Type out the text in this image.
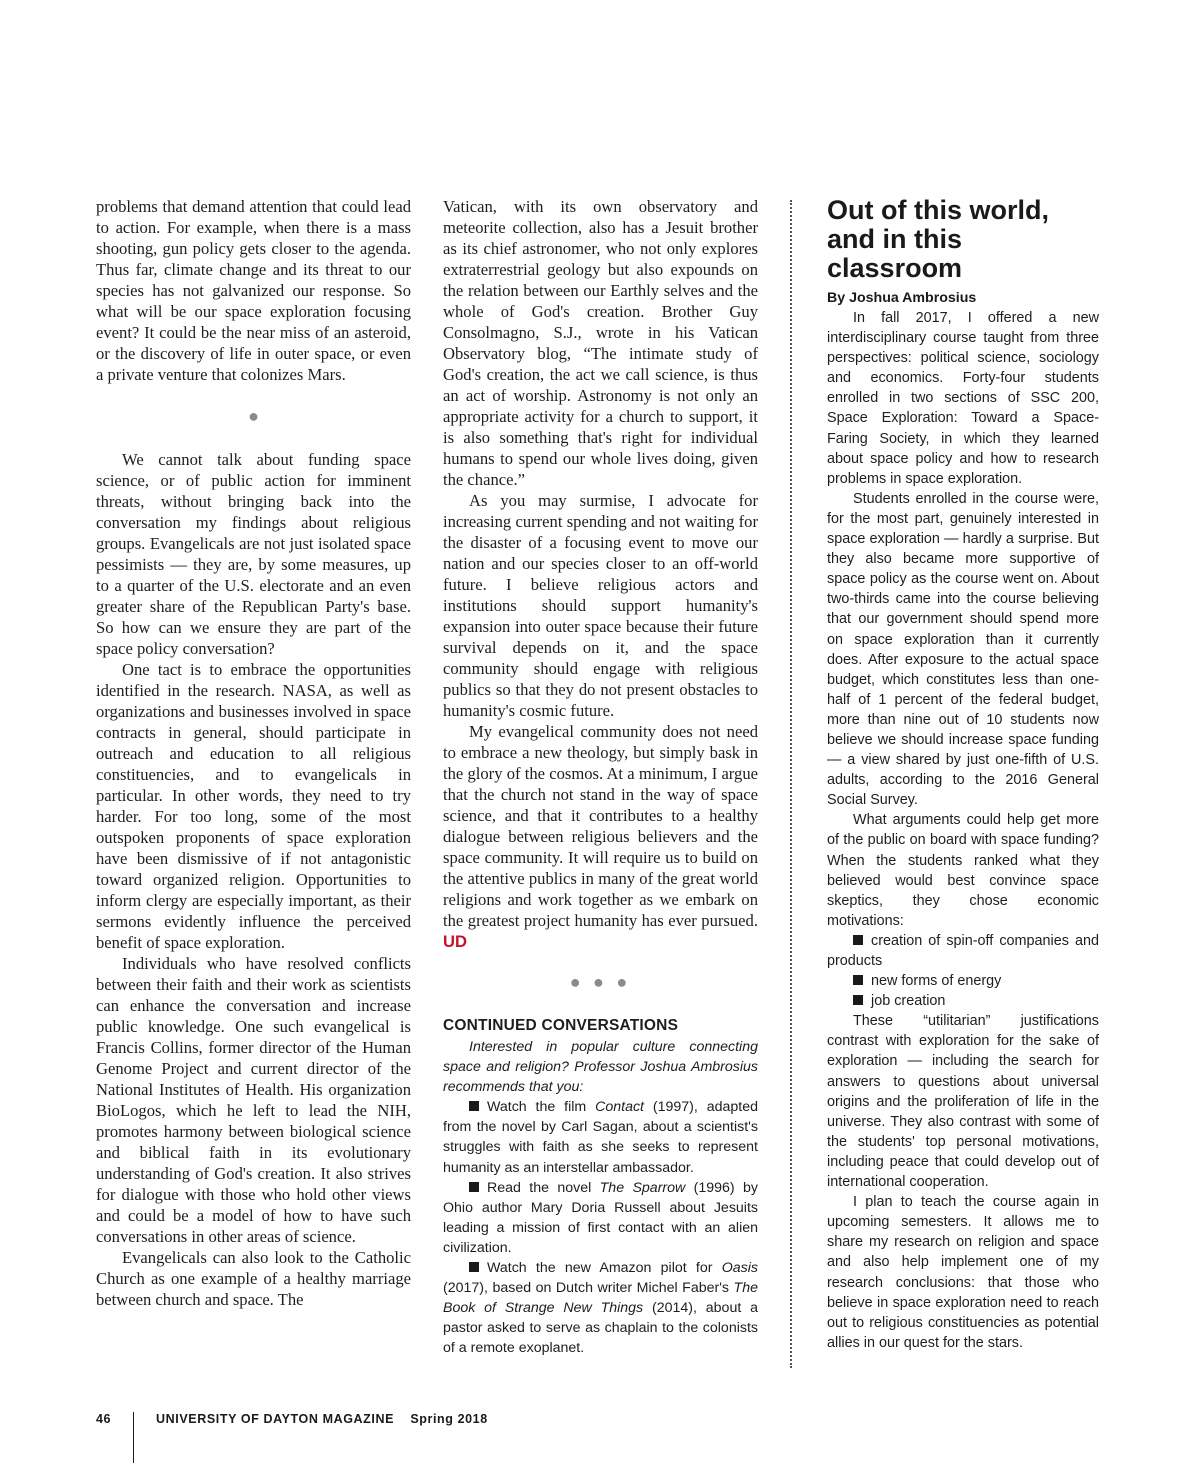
problems that demand attention that could lead to action. For example, when there is a mass shooting, gun policy gets closer to the agenda. Thus far, climate change and its threat to our species has not galvanized our response. So what will be our space exploration focusing event? It could be the near miss of an asteroid, or the discovery of life in outer space, or even a private venture that colonizes Mars.

●

We cannot talk about funding space science, or of public action for imminent threats, without bringing back into the conversation my findings about religious groups. Evangelicals are not just isolated space pessimists — they are, by some measures, up to a quarter of the U.S. electorate and an even greater share of the Republican Party's base. So how can we ensure they are part of the space policy conversation?

One tact is to embrace the opportunities identified in the research. NASA, as well as organizations and businesses involved in space contracts in general, should participate in outreach and education to all religious constituencies, and to evangelicals in particular. In other words, they need to try harder. For too long, some of the most outspoken proponents of space exploration have been dismissive of if not antagonistic toward organized religion. Opportunities to inform clergy are especially important, as their sermons evidently influence the perceived benefit of space exploration.

Individuals who have resolved conflicts between their faith and their work as scientists can enhance the conversation and increase public knowledge. One such evangelical is Francis Collins, former director of the Human Genome Project and current director of the National Institutes of Health. His organization BioLogos, which he left to lead the NIH, promotes harmony between biological science and biblical faith in its evolutionary understanding of God's creation. It also strives for dialogue with those who hold other views and could be a model of how to have such conversations in other areas of science.

Evangelicals can also look to the Catholic Church as one example of a healthy marriage between church and space. The

Vatican, with its own observatory and meteorite collection, also has a Jesuit brother as its chief astronomer, who not only explores extraterrestrial geology but also expounds on the relation between our Earthly selves and the whole of God's creation. Brother Guy Consolmagno, S.J., wrote in his Vatican Observatory blog, “The intimate study of God's creation, the act we call science, is thus an act of worship. Astronomy is not only an appropriate activity for a church to support, it is also something that's right for individual humans to spend our whole lives doing, given the chance.”

As you may surmise, I advocate for increasing current spending and not waiting for the disaster of a focusing event to move our nation and our species closer to an off-world future. I believe religious actors and institutions should support humanity's expansion into outer space because their future survival depends on it, and the space community should engage with religious publics so that they do not present obstacles to humanity's cosmic future.

My evangelical community does not need to embrace a new theology, but simply bask in the glory of the cosmos. At a minimum, I argue that the church not stand in the way of space science, and that it contributes to a healthy dialogue between religious believers and the space community. It will require us to build on the attentive publics in many of the great world religions and work together as we embark on the greatest project humanity has ever pursued. UD

● ● ●
CONTINUED CONVERSATIONS

Interested in popular culture connecting space and religion? Professor Joshua Ambrosius recommends that you:

Watch the film Contact (1997), adapted from the novel by Carl Sagan, about a scientist's struggles with faith as she seeks to represent humanity as an interstellar ambassador.

Read the novel The Sparrow (1996) by Ohio author Mary Doria Russell about Jesuits leading a mission of first contact with an alien civilization.

Watch the new Amazon pilot for Oasis (2017), based on Dutch writer Michel Faber's The Book of Strange New Things (2014), about a pastor asked to serve as chaplain to the colonists of a remote exoplanet.

Out of this world, and in this classroom
By Joshua Ambrosius

In fall 2017, I offered a new interdisciplinary course taught from three perspectives: political science, sociology and economics. Forty-four students enrolled in two sections of SSC 200, Space Exploration: Toward a Space-Faring Society, in which they learned about space policy and how to research problems in space exploration.

Students enrolled in the course were, for the most part, genuinely interested in space exploration — hardly a surprise. But they also became more supportive of space policy as the course went on. About two-thirds came into the course believing that our government should spend more on space exploration than it currently does. After exposure to the actual space budget, which constitutes less than one-half of 1 percent of the federal budget, more than nine out of 10 students now believe we should increase space funding — a view shared by just one-fifth of U.S. adults, according to the 2016 General Social Survey.

What arguments could help get more of the public on board with space funding? When the students ranked what they believed would best convince space skeptics, they chose economic motivations:

creation of spin-off companies and products

new forms of energy

job creation

These “utilitarian” justifications contrast with exploration for the sake of exploration — including the search for answers to questions about universal origins and the proliferation of life in the universe. They also contrast with some of the students' top personal motivations, including peace that could develop out of international cooperation.

I plan to teach the course again in upcoming semesters. It allows me to share my research on religion and space and also help implement one of my research conclusions: that those who believe in space exploration need to reach out to religious constituencies as potential allies in our quest for the stars.

46	UNIVERSITY OF DAYTON MAGAZINE Spring 2018
